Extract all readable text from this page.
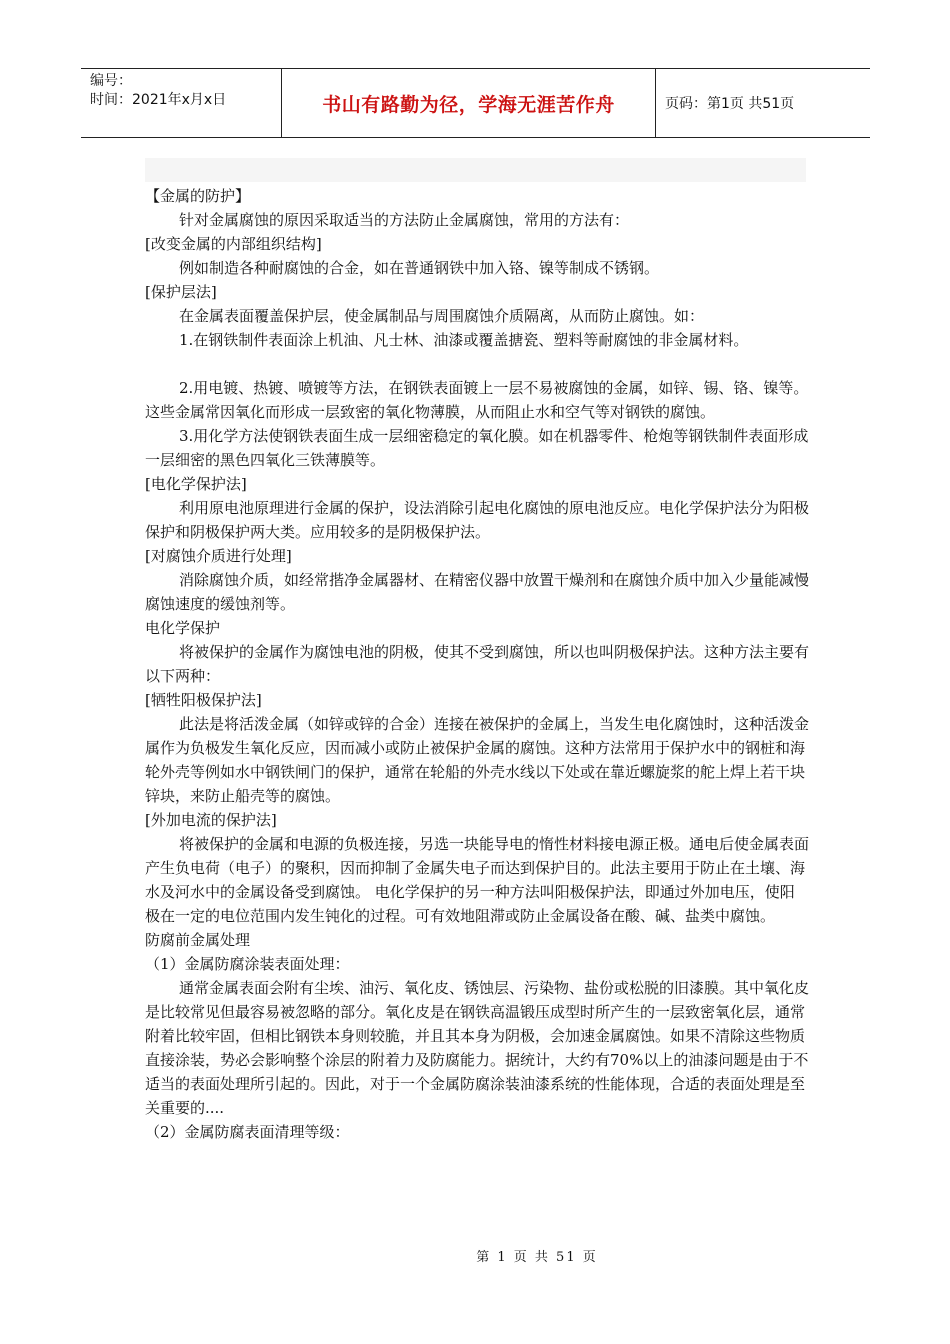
编号：
时间：2021年x月x日	书山有路勤为径，学海无涯苦作舟	页码：第1页 共51页

【金属的防护】

针对金属腐蚀的原因采取适当的方法防止金属腐蚀，常用的方法有：

[改变金属的内部组织结构]

例如制造各种耐腐蚀的合金，如在普通钢铁中加入铬、镍等制成不锈钢。

[保护层法]

在金属表面覆盖保护层，使金属制品与周围腐蚀介质隔离，从而防止腐蚀。如：

1.在钢铁制件表面涂上机油、凡士林、油漆或覆盖搪瓷、塑料等耐腐蚀的非金属材料。

2.用电镀、热镀、喷镀等方法，在钢铁表面镀上一层不易被腐蚀的金属，如锌、锡、铬、镍等。这些金属常因氧化而形成一层致密的氧化物薄膜，从而阻止水和空气等对钢铁的腐蚀。

3.用化学方法使钢铁表面生成一层细密稳定的氧化膜。如在机器零件、枪炮等钢铁制件表面形成一层细密的黑色四氧化三铁薄膜等。

[电化学保护法]

利用原电池原理进行金属的保护，设法消除引起电化腐蚀的原电池反应。电化学保护法分为阳极保护和阴极保护两大类。应用较多的是阴极保护法。

[对腐蚀介质进行处理]

消除腐蚀介质，如经常揩净金属器材、在精密仪器中放置干燥剂和在腐蚀介质中加入少量能减慢腐蚀速度的缓蚀剂等。

电化学保护

将被保护的金属作为腐蚀电池的阴极，使其不受到腐蚀，所以也叫阴极保护法。这种方法主要有以下两种：

[牺牲阳极保护法]

此法是将活泼金属（如锌或锌的合金）连接在被保护的金属上，当发生电化腐蚀时，这种活泼金属作为负极发生氧化反应，因而减小或防止被保护金属的腐蚀。这种方法常用于保护水中的钢桩和海轮外壳等例如水中钢铁闸门的保护，通常在轮船的外壳水线以下处或在靠近螺旋浆的舵上焊上若干块锌块，来防止船壳等的腐蚀。

[外加电流的保护法]

将被保护的金属和电源的负极连接，另选一块能导电的惰性材料接电源正极。通电后使金属表面产生负电荷（电子）的聚积，因而抑制了金属失电子而达到保护目的。此法主要用于防止在土壤、海水及河水中的金属设备受到腐蚀。 电化学保护的另一种方法叫阳极保护法，即通过外加电压，使阳极在一定的电位范围内发生钝化的过程。可有效地阻滞或防止金属设备在酸、碱、盐类中腐蚀。

防腐前金属处理

（1）金属防腐涂装表面处理：

通常金属表面会附有尘埃、油污、氧化皮、锈蚀层、污染物、盐份或松脱的旧漆膜。其中氧化皮是比较常见但最容易被忽略的部分。氧化皮是在钢铁高温锻压成型时所产生的一层致密氧化层，通常附着比较牢固，但相比钢铁本身则较脆，并且其本身为阴极，会加速金属腐蚀。如果不清除这些物质直接涂装，势必会影响整个涂层的附着力及防腐能力。据统计，大约有70%以上的油漆问题是由于不适当的表面处理所引起的。因此，对于一个金属防腐涂装油漆系统的性能体现，合适的表面处理是至关重要的....

（2）金属防腐表面清理等级：

第 1 页 共 51 页
